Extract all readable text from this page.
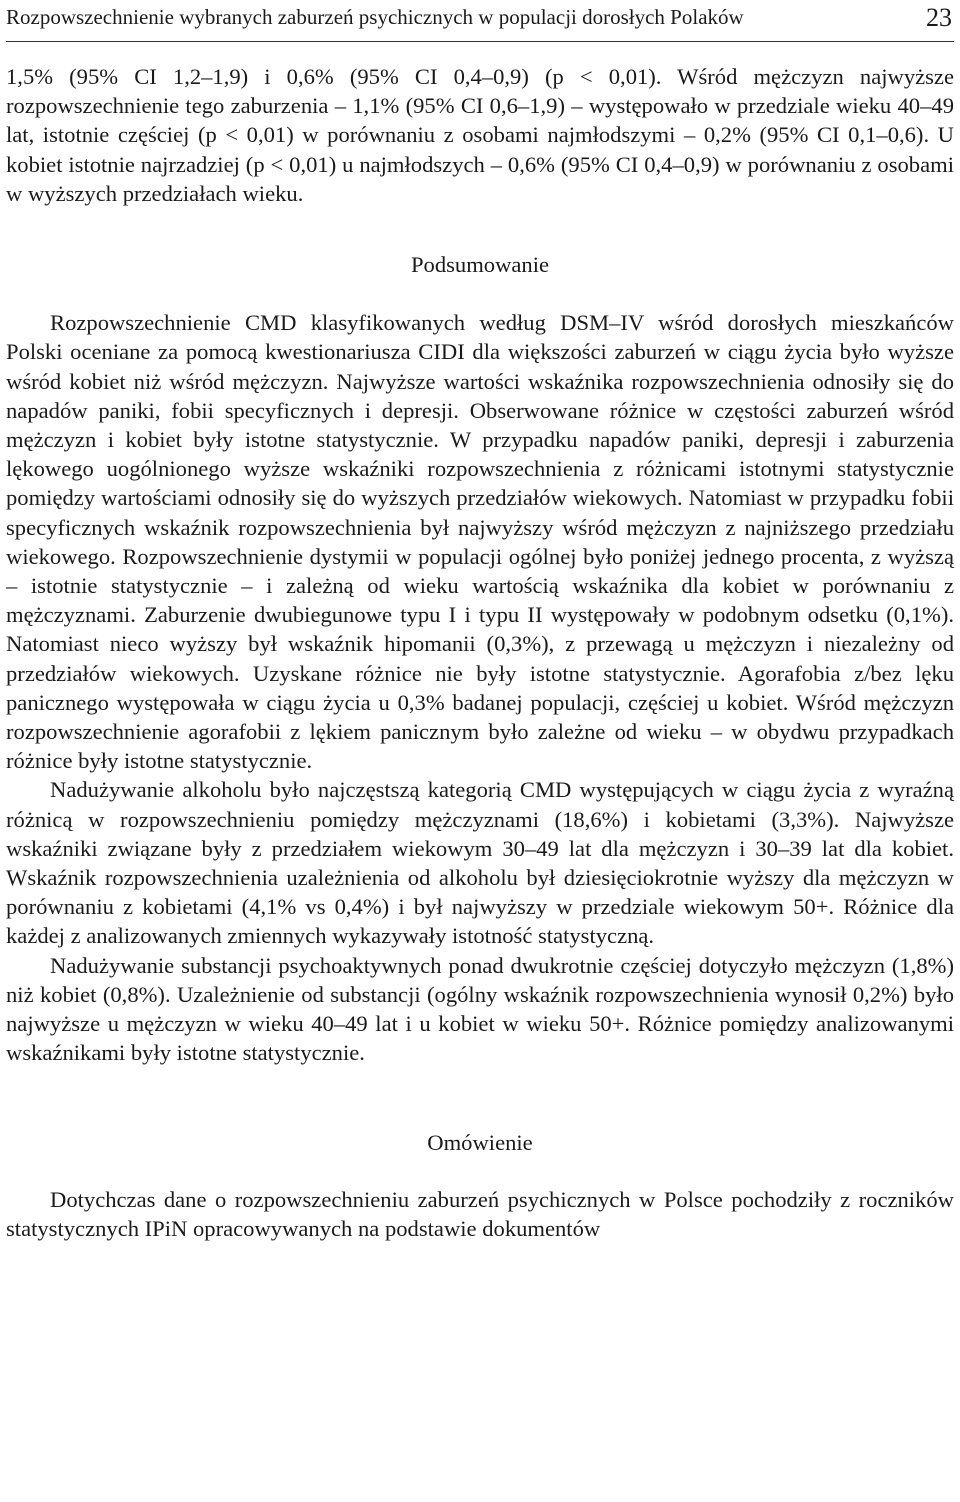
Rozpowszechnienie wybranych zaburzeń psychicznych w populacji dorosłych Polaków	23

1,5% (95% CI 1,2–1,9) i 0,6% (95% CI 0,4–0,9) (p < 0,01). Wśród mężczyzn najwyższe rozpowszechnienie tego zaburzenia – 1,1% (95% CI 0,6–1,9) – występowało w przedziale wieku 40–49 lat, istotnie częściej (p < 0,01) w porównaniu z osobami najmłodszymi – 0,2% (95% CI 0,1–0,6). U kobiet istotnie najrzadziej (p < 0,01) u najmłodszych – 0,6% (95% CI 0,4–0,9) w porównaniu z osobami w wyższych przedziałach wieku.

Podsumowanie

Rozpowszechnienie CMD klasyfikowanych według DSM–IV wśród dorosłych mieszkańców Polski oceniane za pomocą kwestionariusza CIDI dla większości zaburzeń w ciągu życia było wyższe wśród kobiet niż wśród mężczyzn. Najwyższe wartości wskaźnika rozpowszechnienia odnosiły się do napadów paniki, fobii specyficznych i depresji. Obserwowane różnice w częstości zaburzeń wśród mężczyzn i kobiet były istotne statystycznie. W przypadku napadów paniki, depresji i zaburzenia lękowego uogólnionego wyższe wskaźniki rozpowszechnienia z różnicami istotnymi statystycznie pomiędzy wartościami odnosiły się do wyższych przedziałów wiekowych. Natomiast w przypadku fobii specyficznych wskaźnik rozpowszechnienia był najwyższy wśród mężczyzn z najniższego przedziału wiekowego. Rozpowszechnienie dystymii w populacji ogólnej było poniżej jednego procenta, z wyższą – istotnie statystycznie – i zależną od wieku wartością wskaźnika dla kobiet w porównaniu z mężczyznami. Zaburzenie dwubiegunowe typu I i typu II występowały w podobnym odsetku (0,1%). Natomiast nieco wyższy był wskaźnik hipomanii (0,3%), z przewagą u mężczyzn i niezależny od przedziałów wiekowych. Uzyskane różnice nie były istotne statystycznie. Agorafobia z/bez lęku panicznego występowała w ciągu życia u 0,3% badanej populacji, częściej u kobiet. Wśród mężczyzn rozpowszechnienie agorafobii z lękiem panicznym było zależne od wieku – w obydwu przypadkach różnice były istotne statystycznie.

Nadużywanie alkoholu było najczęstszą kategorią CMD występujących w ciągu życia z wyraźną różnicą w rozpowszechnieniu pomiędzy mężczyznami (18,6%) i kobietami (3,3%). Najwyższe wskaźniki związane były z przedziałem wiekowym 30–49 lat dla mężczyzn i 30–39 lat dla kobiet. Wskaźnik rozpowszechnienia uzależnienia od alkoholu był dziesięciokrotnie wyższy dla mężczyzn w porównaniu z kobietami (4,1% vs 0,4%) i był najwyższy w przedziale wiekowym 50+. Różnice dla każdej z analizowanych zmiennych wykazywały istotność statystyczną.

Nadużywanie substancji psychoaktywnych ponad dwukrotnie częściej dotyczyło mężczyzn (1,8%) niż kobiet (0,8%). Uzależnienie od substancji (ogólny wskaźnik rozpowszechnienia wynosił 0,2%) było najwyższe u mężczyzn w wieku 40–49 lat i u kobiet w wieku 50+. Różnice pomiędzy analizowanymi wskaźnikami były istotne statystycznie.

Omówienie

Dotychczas dane o rozpowszechnieniu zaburzeń psychicznych w Polsce pochodziły z roczników statystycznych IPiN opracowywanych na podstawie dokumentów
